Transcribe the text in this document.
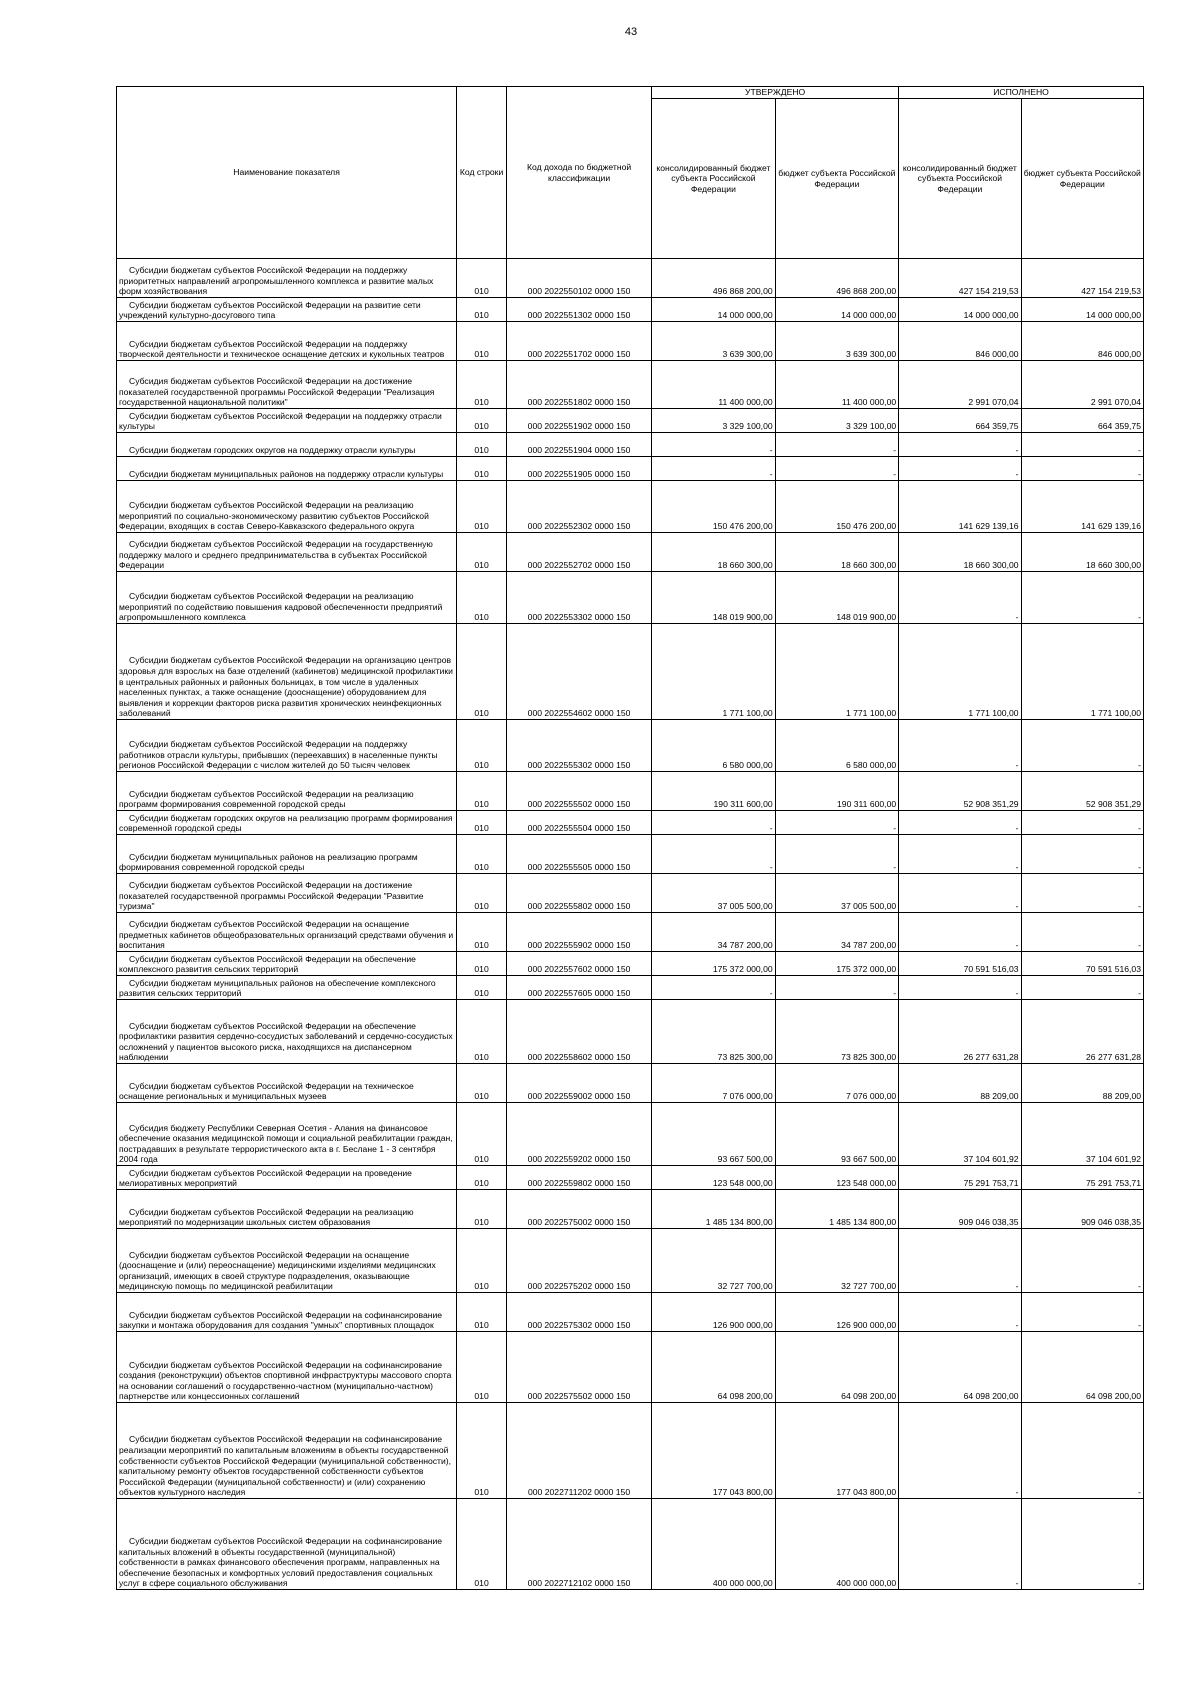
43
Наименование показателя	Код строки	Код дохода по бюджетной классификации	УТВЕРЖДЕНО		ИСПОЛНЕНО	
			консолидированный бюджет субъекта Российской Федерации	бюджет субъекта Российской Федерации	консолидированный бюджет субъекта Российской Федерации	бюджет субъекта Российской Федерации

Субсидии бюджетам субъектов Российской Федерации на поддержку приоритетных направлений агропромышленного комплекса и развитие малых форм хозяйствования	010	000 2022550102 0000 150	496 868 200,00	496 868 200,00	427 154 219,53	427 154 219,53

Субсидии бюджетам субъектов Российской Федерации на развитие сети учреждений культурно-досугового типа	010	000 2022551302 0000 150	14 000 000,00	14 000 000,00	14 000 000,00	14 000 000,00

Субсидии бюджетам субъектов Российской Федерации на поддержку творческой деятельности и техническое оснащение детских и кукольных театров	010	000 2022551702 0000 150	3 639 300,00	3 639 300,00	846 000,00	846 000,00

Субсидия бюджетам субъектов Российской Федерации на достижение показателей государственной программы Российской Федерации "Реализация государственной национальной политики"	010	000 2022551802 0000 150	11 400 000,00	11 400 000,00	2 991 070,04	2 991 070,04

Субсидии бюджетам субъектов Российской Федерации на поддержку отрасли культуры	010	000 2022551902 0000 150	3 329 100,00	3 329 100,00	664 359,75	664 359,75

Субсидии бюджетам городских округов на поддержку отрасли культуры	010	000 2022551904 0000 150	-	-	-	-

Субсидии бюджетам муниципальных районов на поддержку отрасли культуры	010	000 2022551905 0000 150	-	-	-	-

Субсидии бюджетам субъектов Российской Федерации на реализацию мероприятий по социально-экономическому развитию субъектов Российской Федерации, входящих в состав Северо-Кавказского федерального округа	010	000 2022552302 0000 150	150 476 200,00	150 476 200,00	141 629 139,16	141 629 139,16

Субсидии бюджетам субъектов Российской Федерации на государственную поддержку малого и среднего предпринимательства в субъектах Российской Федерации	010	000 2022552702 0000 150	18 660 300,00	18 660 300,00	18 660 300,00	18 660 300,00

Субсидии бюджетам субъектов Российской Федерации на реализацию мероприятий по содействию повышения кадровой обеспеченности предприятий агропромышленного комплекса	010	000 2022553302 0000 150	148 019 900,00	148 019 900,00	-	-

Субсидии бюджетам субъектов Российской Федерации на организацию центров здоровья для взрослых на базе отделений (кабинетов) медицинской профилактики в центральных районных и районных больницах, в том числе в удаленных населенных пунктах, а также оснащение (дооснащение) оборудованием для выявления и коррекции факторов риска развития хронических неинфекционных заболеваний	010	000 2022554602 0000 150	1 771 100,00	1 771 100,00	1 771 100,00	1 771 100,00

Субсидии бюджетам субъектов Российской Федерации на поддержку работников отрасли культуры, прибывших (переехавших) в населенные пункты регионов Российской Федерации с числом жителей до 50 тысяч человек	010	000 2022555302 0000 150	6 580 000,00	6 580 000,00	-	-

Субсидии бюджетам субъектов Российской Федерации на реализацию программ формирования современной городской среды	010	000 2022555502 0000 150	190 311 600,00	190 311 600,00	52 908 351,29	52 908 351,29

Субсидии бюджетам городских округов на реализацию программ формирования современной городской среды	010	000 2022555504 0000 150	-	-	-	-

Субсидии бюджетам муниципальных районов на реализацию программ формирования современной городской среды	010	000 2022555505 0000 150	-	-	-	-

Субсидии бюджетам субъектов Российской Федерации на достижение показателей государственной программы Российской Федерации "Развитие туризма"	010	000 2022555802 0000 150	37 005 500,00	37 005 500,00	-	-

Субсидии бюджетам субъектов Российской Федерации на оснащение предметных кабинетов общеобразовательных организаций средствами обучения и воспитания	010	000 2022555902 0000 150	34 787 200,00	34 787 200,00	-	-

Субсидии бюджетам субъектов Российской Федерации на обеспечение комплексного развития сельских территорий	010	000 2022557602 0000 150	175 372 000,00	175 372 000,00	70 591 516,03	70 591 516,03

Субсидии бюджетам муниципальных районов на обеспечение комплексного развития сельских территорий	010	000 2022557605 0000 150	-	-	-	-

Субсидии бюджетам субъектов Российской Федерации на обеспечение профилактики развития сердечно-сосудистых заболеваний и сердечно-сосудистых осложнений у пациентов высокого риска, находящихся на диспансерном наблюдении	010	000 2022558602 0000 150	73 825 300,00	73 825 300,00	26 277 631,28	26 277 631,28

Субсидии бюджетам субъектов Российской Федерации на техническое оснащение региональных и муниципальных музеев	010	000 2022559002 0000 150	7 076 000,00	7 076 000,00	88 209,00	88 209,00

Субсидия бюджету Республики Северная Осетия - Алания на финансовое обеспечение оказания медицинской помощи и социальной реабилитации граждан, пострадавших в результате террористического акта в г. Беслане 1 - 3 сентября 2004 года	010	000 2022559202 0000 150	93 667 500,00	93 667 500,00	37 104 601,92	37 104 601,92

Субсидии бюджетам субъектов Российской Федерации на проведение мелиоративных мероприятий	010	000 2022559802 0000 150	123 548 000,00	123 548 000,00	75 291 753,71	75 291 753,71

Субсидии бюджетам субъектов Российской Федерации на реализацию мероприятий по модернизации школьных систем образования	010	000 2022575002 0000 150	1 485 134 800,00	1 485 134 800,00	909 046 038,35	909 046 038,35

Субсидии бюджетам субъектов Российской Федерации на оснащение (дооснащение и (или) переоснащение) медицинскими изделиями медицинских организаций, имеющих в своей структуре подразделения, оказывающие медицинскую помощь по медицинской реабилитации	010	000 2022575202 0000 150	32 727 700,00	32 727 700,00	-	-

Субсидии бюджетам субъектов Российской Федерации на софинансирование закупки и монтажа оборудования для создания "умных" спортивных площадок	010	000 2022575302 0000 150	126 900 000,00	126 900 000,00	-	-

Субсидии бюджетам субъектов Российской Федерации на софинансирование создания (реконструкции) объектов спортивной инфраструктуры массового спорта на основании соглашений о государственно-частном (муниципально-частном) партнерстве или концессионных соглашений	010	000 2022575502 0000 150	64 098 200,00	64 098 200,00	64 098 200,00	64 098 200,00

Субсидии бюджетам субъектов Российской Федерации на софинансирование реализации мероприятий по капитальным вложениям в объекты государственной собственности субъектов Российской Федерации (муниципальной собственности), капитальному ремонту объектов государственной собственности субъектов Российской Федерации (муниципальной собственности) и (или) сохранению объектов культурного наследия	010	000 2022711202 0000 150	177 043 800,00	177 043 800,00	-	-

Субсидии бюджетам субъектов Российской Федерации на софинансирование капитальных вложений в объекты государственной (муниципальной) собственности в рамках финансового обеспечения программ, направленных на обеспечение безопасных и комфортных условий предоставления социальных услуг в сфере социального обслуживания	010	000 2022712102 0000 150	400 000 000,00	400 000 000,00	-	-
